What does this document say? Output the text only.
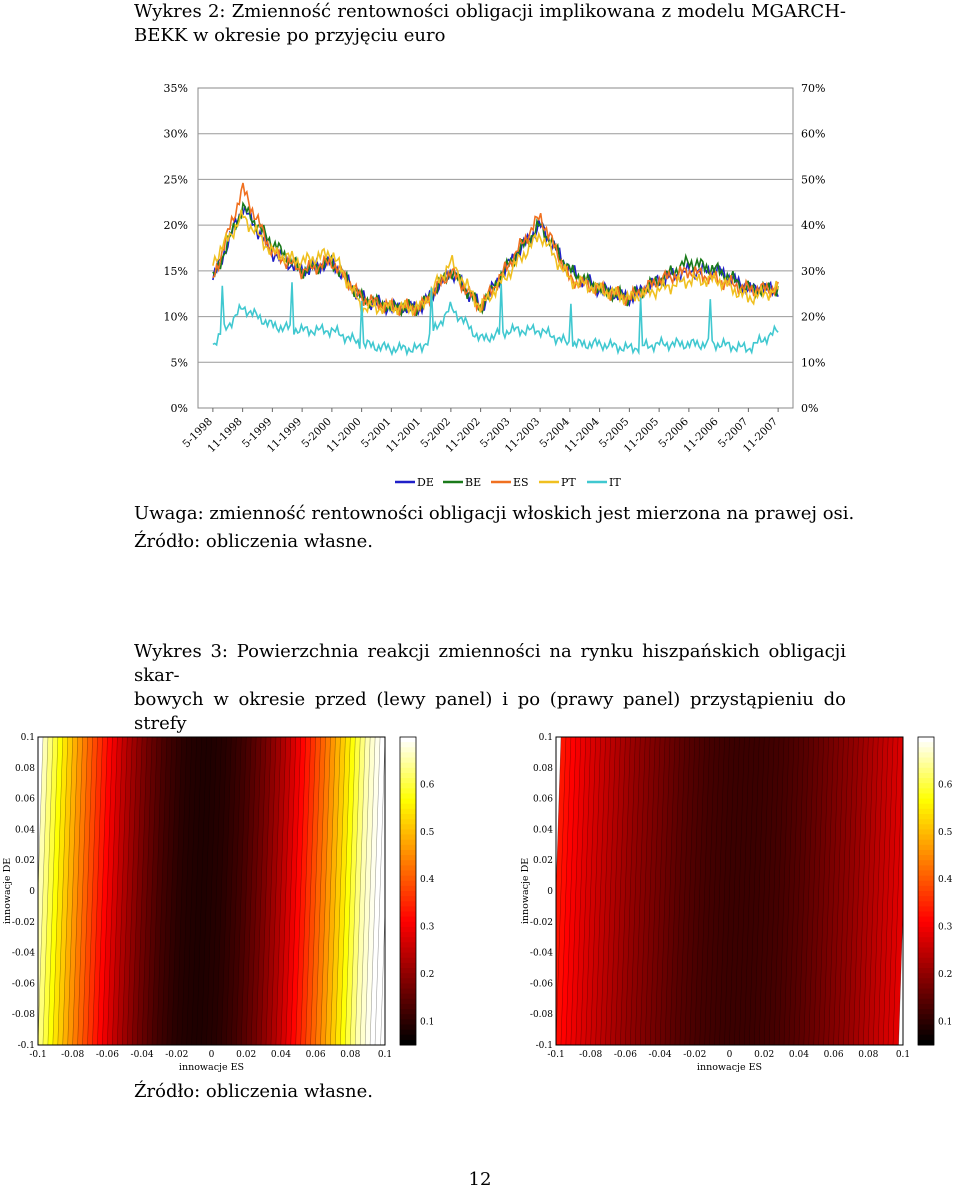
Wykres 2: Zmienność rentowności obligacji implikowana z modelu MGARCH-

BEKK w okresie po przyjęciu euro

35%	70%
30%	60%
25%	50%
20%	40%
15%	30%
10%	20%
5%	10%
0%	0%
5-1998
11-1998
5-1999
11-1999
5-2000
11-2000
5-2001
11-2001
5-2002
11-2002
5-2003
11-2003
5-2004
11-2004
5-2005
11-2005
5-2006
11-2006
5-2007
11-2007
DE	BE	ES	PT	IT

Uwaga: zmienność rentowności obligacji włoskich jest mierzona na prawej osi.

Źródło: obliczenia własne.

Wykres 3: Powierzchnia reakcji zmienności na rynku hiszpańskich obligacji skar-

bowych w okresie przed (lewy panel) i po (prawy panel) przystąpieniu do strefy

-0.1 -0.08 -0.06 -0.04 -0.02 0 0.02 0.04 0.06 0.08 0.1
0.1
0.08
0.06
0.04
0.02
0
-0.02
-0.04
-0.06
-0.08
-0.1
innowacje ES
innowacje DE
0.6
0.5
0.4
0.3
0.2
0.1
-0.1 -0.08 -0.06 -0.04 -0.02 0 0.02 0.04 0.06 0.08 0.1
0.1
0.08
0.06
0.04
0.02
0
-0.02
-0.04
-0.06
-0.08
-0.1
innowacje ES
innowacje DE
0.6
0.5
0.4
0.3
0.2
0.1

Źródło: obliczenia własne.

12
